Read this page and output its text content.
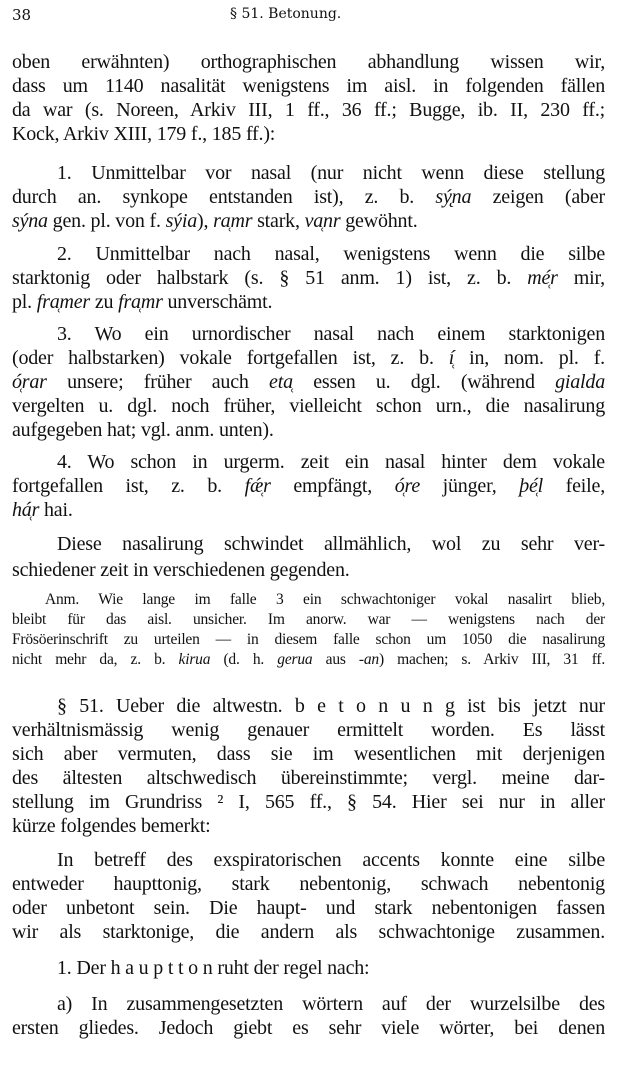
38	§ 51. Betonung.
oben erwähnten) orthographischen abhandlung wissen wir,
dass um 1140 nasalität wenigstens im aisl. in folgenden fällen
da war (s. Noreen, Arkiv III, 1 ff., 36 ff.; Bugge, ib. II, 230 ff.;
Kock, Arkiv XIII, 179 f., 185 ff.):
1. Unmittelbar vor nasal (nur nicht wenn diese stellung
durch an. synkope entstanden ist), z. b. sý̨na zeigen (aber
sýna gen. pl. von f. sýia), ra̜mr stark, va̜nr gewöhnt.
2. Unmittelbar nach nasal, wenigstens wenn die silbe
starktonig oder halbstark (s. § 51 anm. 1) ist, z. b. mé̜r mir,
pl. fra̜mer zu fra̜mr unverschämt.
3. Wo ein urnordischer nasal nach einem starktonigen
(oder halbstarken) vokale fortgefallen ist, z. b. í̜ in, nom. pl. f.
ó̜rar unsere; früher auch eta̜ essen u. dgl. (während gialda
vergelten u. dgl. noch früher, vielleicht schon urn., die nasalirung
aufgegeben hat; vgl. anm. unten).
4. Wo schon in urgerm. zeit ein nasal hinter dem vokale
fortgefallen ist, z. b. fǽ̜r empfängt, ó̜re jünger, þé̜l feile,
há̜r hai.
Diese nasalirung schwindet allmählich, wol zu sehr ver-
schiedener zeit in verschiedenen gegenden.
Anm. Wie lange im falle 3 ein schwachtoniger vokal nasalirt blieb,
bleibt für das aisl. unsicher. Im anorw. war — wenigstens nach der
Frösöerinschrift zu urteilen — in diesem falle schon um 1050 die nasalirung
nicht mehr da, z. b. kirua (d. h. gerua aus -an) machen; s. Arkiv III, 31 ff.
§ 51. Ueber die altwestn. b e t o n u n g ist bis jetzt nur
verhältnismässig wenig genauer ermittelt worden. Es lässt
sich aber vermuten, dass sie im wesentlichen mit derjenigen
des ältesten altschwedisch übereinstimmte; vergl. meine dar-
stellung im Grundriss ² I, 565 ff., § 54. Hier sei nur in aller
kürze folgendes bemerkt:
In betreff des exspiratorischen accents konnte eine silbe
entweder haupttonig, stark nebentonig, schwach nebentonig
oder unbetont sein. Die haupt- und stark nebentonigen fassen
wir als starktonige, die andern als schwachtonige zusammen.
1. Der h a u p t t o n ruht der regel nach:
a) In zusammengesetzten wörtern auf der wurzelsilbe des
ersten gliedes. Jedoch giebt es sehr viele wörter, bei denen
